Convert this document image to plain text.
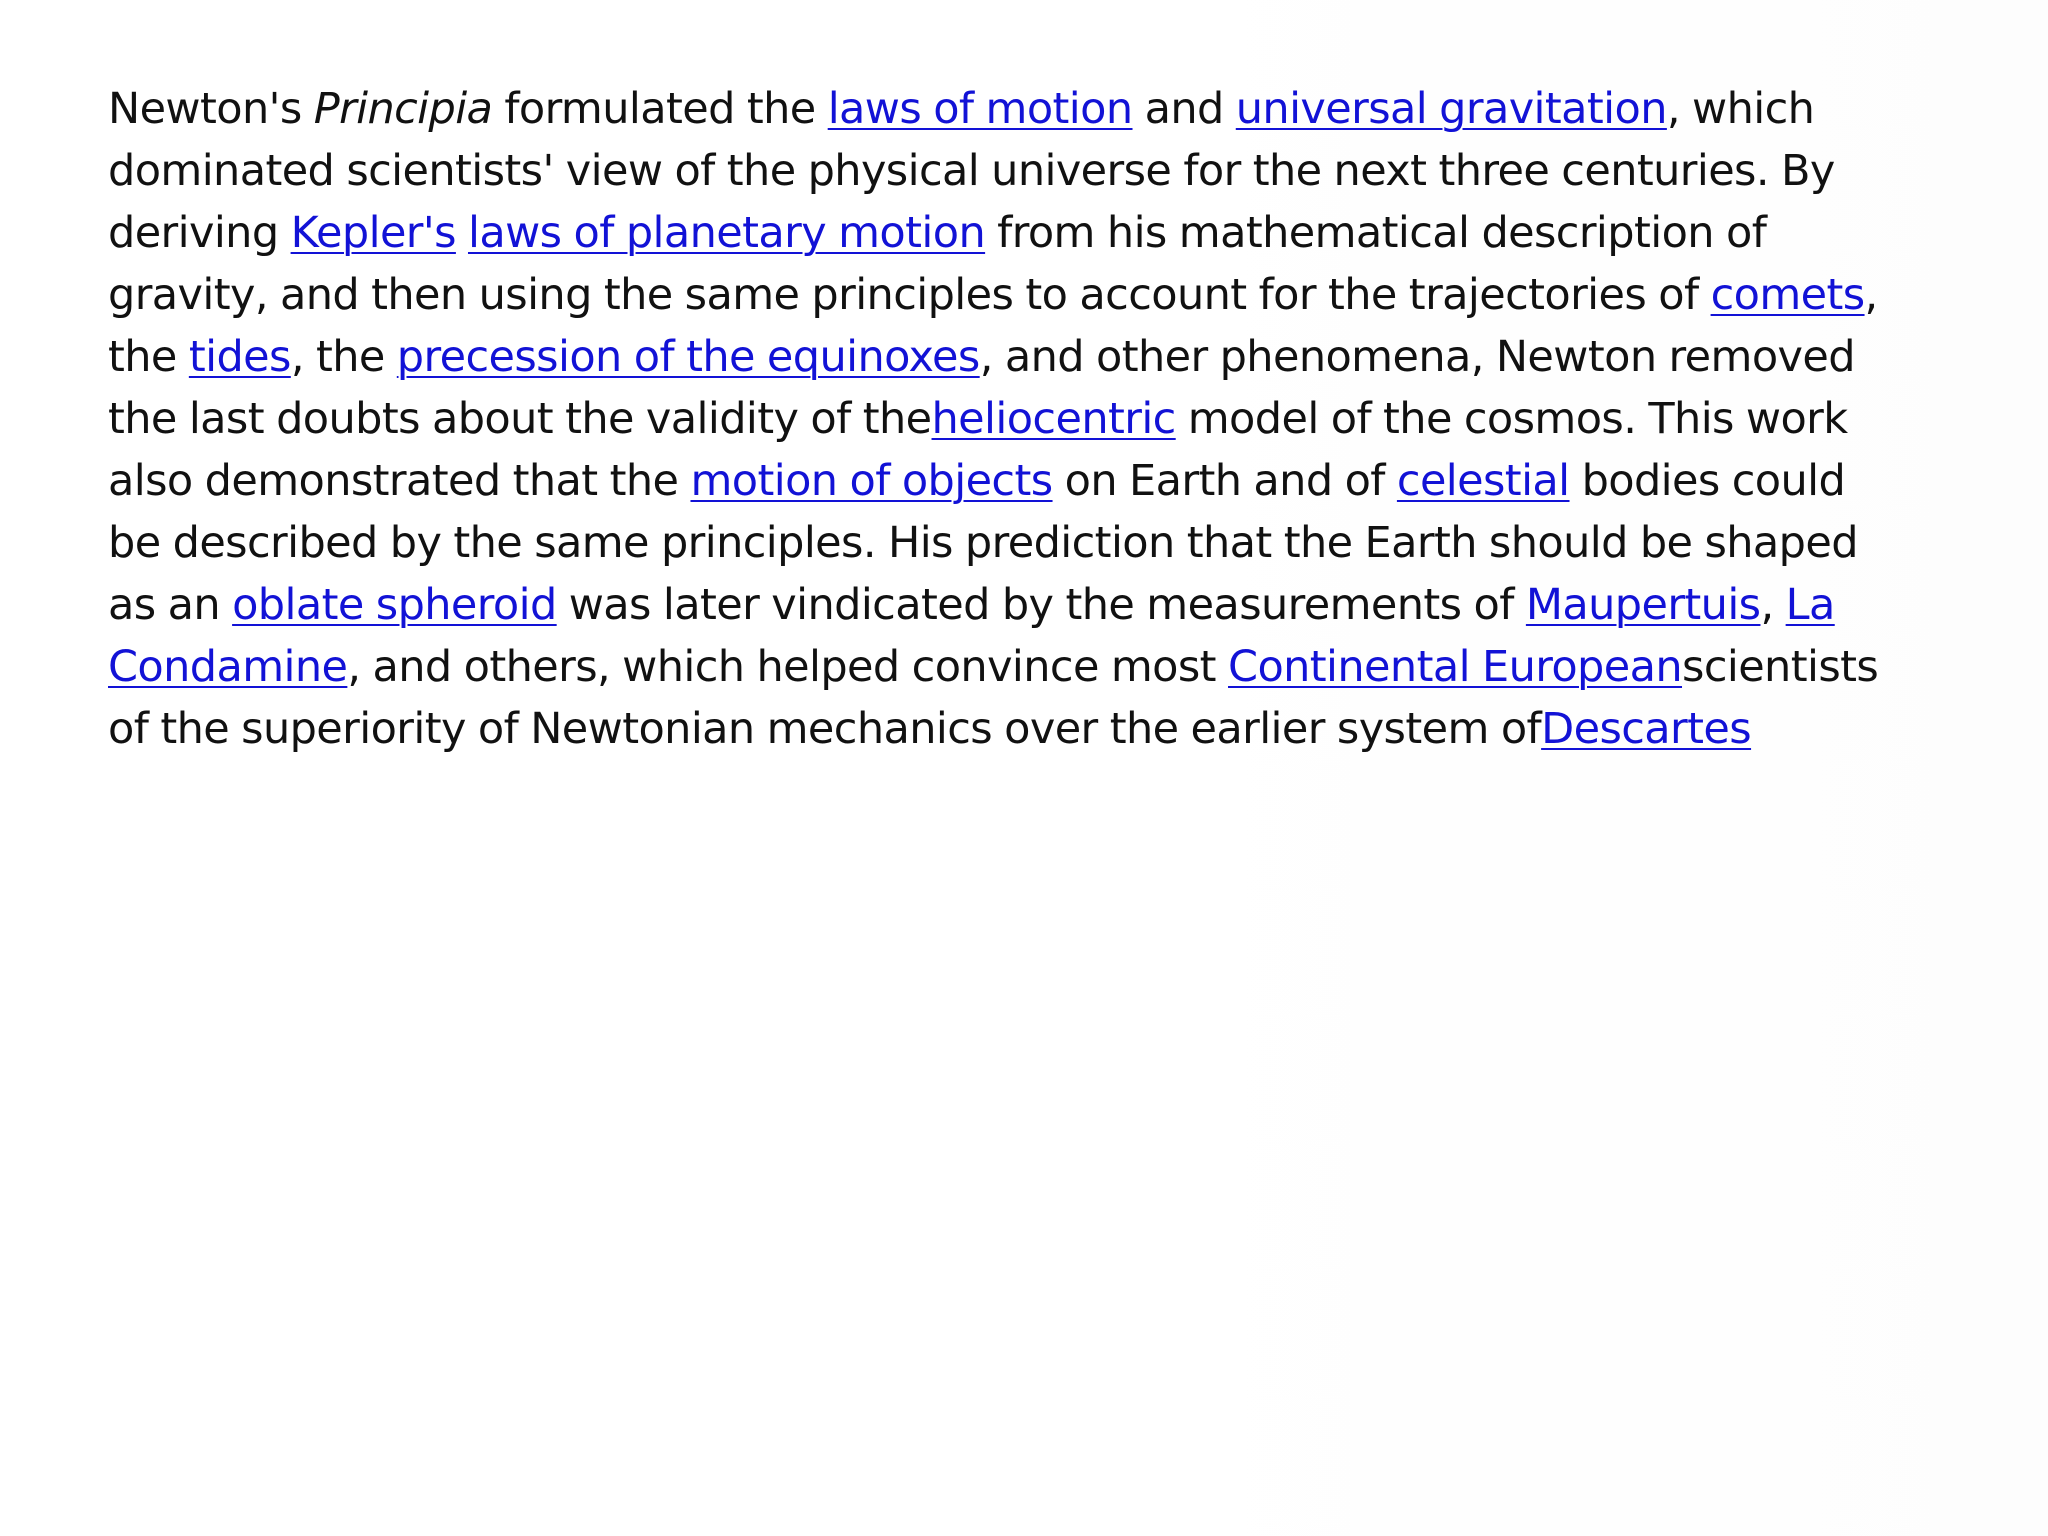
Newton's Principia formulated the laws of motion and universal gravitation, which
dominated scientists' view of the physical universe for the next three centuries. By
deriving Kepler's laws of planetary motion from his mathematical description of
gravity, and then using the same principles to account for the trajectories of comets,
the tides, the precession of the equinoxes, and other phenomena, Newton removed
the last doubts about the validity of theheliocentric model of the cosmos. This work
also demonstrated that the motion of objects on Earth and of celestial bodies could
be described by the same principles. His prediction that the Earth should be shaped
as an oblate spheroid was later vindicated by the measurements of Maupertuis, La
Condamine, and others, which helped convince most Continental Europeanscientists
of the superiority of Newtonian mechanics over the earlier system ofDescartes
